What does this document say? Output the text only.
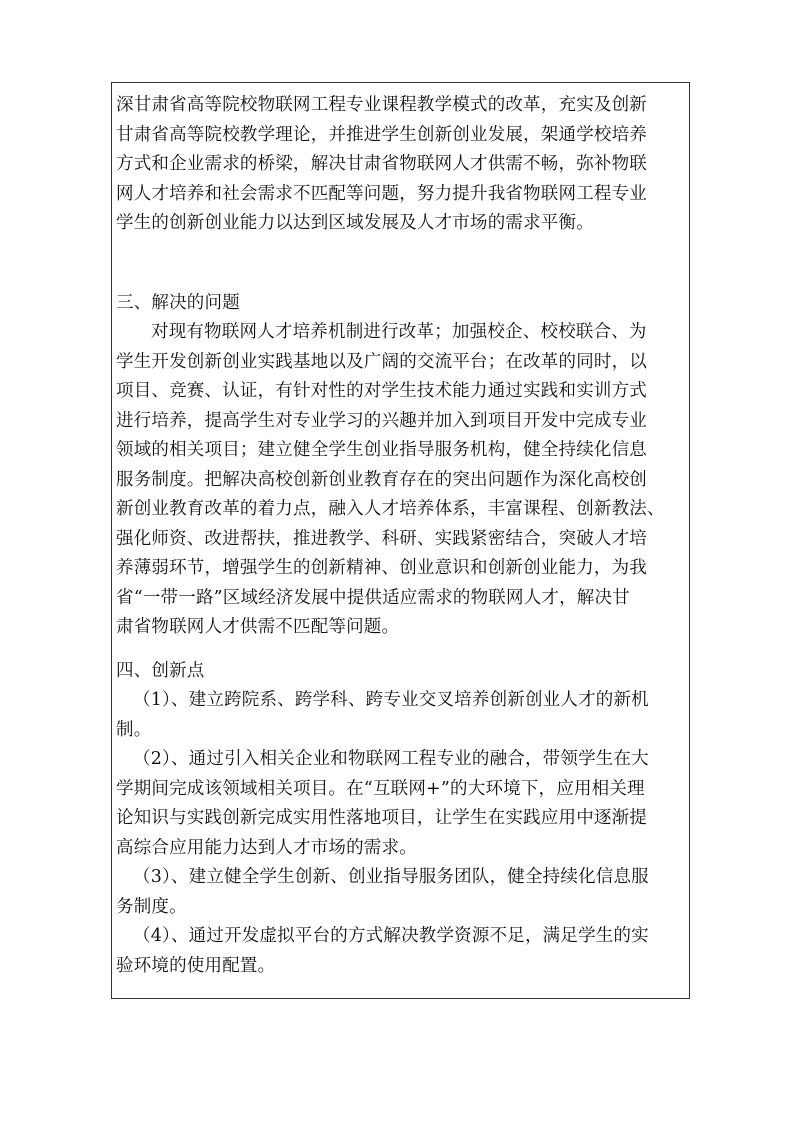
深甘肃省高等院校物联网工程专业课程教学模式的改革，充实及创新

甘肃省高等院校教学理论，并推进学生创新创业发展，架通学校培养

方式和企业需求的桥梁，解决甘肃省物联网人才供需不畅，弥补物联

网人才培养和社会需求不匹配等问题，努力提升我省物联网工程专业

学生的创新创业能力以达到区域发展及人才市场的需求平衡。

三、解决的问题

对现有物联网人才培养机制进行改革；加强校企、校校联合、为

学生开发创新创业实践基地以及广阔的交流平台；在改革的同时，以

项目、竞赛、认证，有针对性的对学生技术能力通过实践和实训方式

进行培养，提高学生对专业学习的兴趣并加入到项目开发中完成专业

领域的相关项目；建立健全学生创业指导服务机构，健全持续化信息

服务制度。把解决高校创新创业教育存在的突出问题作为深化高校创

新创业教育改革的着力点，融入人才培养体系，丰富课程、创新教法、

强化师资、改进帮扶，推进教学、科研、实践紧密结合，突破人才培

养薄弱环节，增强学生的创新精神、创业意识和创新创业能力，为我

省“一带一路”区域经济发展中提供适应需求的物联网人才，解决甘

肃省物联网人才供需不匹配等问题。

四、创新点

（1）、建立跨院系、跨学科、跨专业交叉培养创新创业人才的新机

制。

（2）、通过引入相关企业和物联网工程专业的融合，带领学生在大

学期间完成该领域相关项目。在“互联网+”的大环境下，应用相关理

论知识与实践创新完成实用性落地项目，让学生在实践应用中逐渐提

高综合应用能力达到人才市场的需求。

（3）、建立健全学生创新、创业指导服务团队，健全持续化信息服

务制度。

（4）、通过开发虚拟平台的方式解决教学资源不足，满足学生的实

验环境的使用配置。
